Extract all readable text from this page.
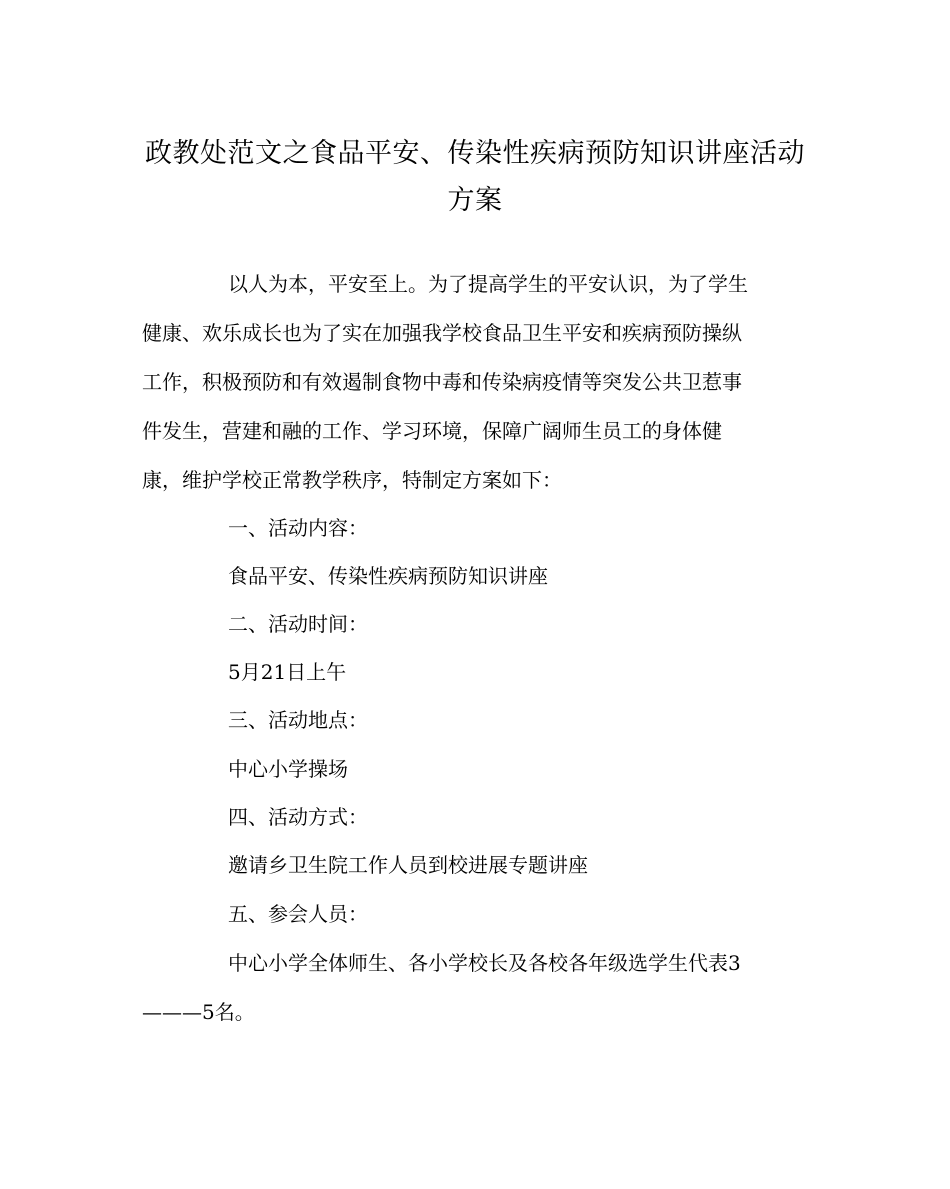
政教处范文之食品平安、传染性疾病预防知识讲座活动
方案
以人为本，平安至上。为了提高学生的平安认识，为了学生
健康、欢乐成长也为了实在加强我学校食品卫生平安和疾病预防操纵
工作，积极预防和有效遏制食物中毒和传染病疫情等突发公共卫惹事
件发生，营建和融的工作、学习环境，保障广阔师生员工的身体健
康，维护学校正常教学秩序，特制定方案如下：
一、活动内容：
食品平安、传染性疾病预防知识讲座
二、活动时间：
5月21日上午
三、活动地点：
中心小学操场
四、活动方式：
邀请乡卫生院工作人员到校进展专题讲座
五、参会人员：
中心小学全体师生、各小学校长及各校各年级选学生代表3
———5名。
